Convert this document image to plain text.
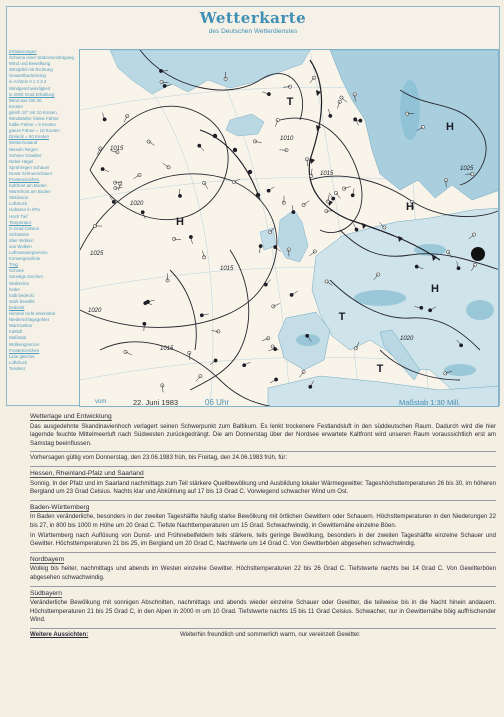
Wetterkarte
des Deutschen Wetterdienstes
Erläuterungen
Schema einer Stationseintragung
Wind und Bewölkung
Windpfeil mit Richtung
Gesamtbedeckung
in Achteln 0 1 2 3 4
Windgeschwindigkeit
in 2000 Grad Erhaltung
Wind aus Ost 20
Knoten
gleich 10° mit 10 Knoten
Windstärke: kleine Fahne
halbe Fahne = 5 Knoten
ganze Fahne = 10 Knoten
Dreieck = 50 Knoten
Wetterzustand
Nieseln Regen
Schnee Gewitter
Nebel Hagel
Sprühregen Schauer
Dunst Schneeschauer
Frontenzeichen
Kaltfront am Boden
Warmfront am Boden
Okklusion
Luftdruck
Isobaren in hPa
Hoch Tief
Temperatur
in Grad Celsius
Sichtweite
über Wolken
aus Wolken
Luftmassengrenzen
Konvergenzlinie
Trog
Schnee
Sonstige Zeichen
Wolkenlos
heiter
halb bedeckt
stark bewölkt
bedeckt
Himmel nicht erkennbar
Niederschlagsgebiet
Warmsektor
Kaltluft
Maßstab
Wolkengrenzen
Frontenzeichen
Linie gleicher
Luftdruck
Tendenz
H
H
T
H
T
T
H
1015
1020
1025
1015
1010
1020
1015
1025
1020
1015
vom	22. Juni 1983	06 Uhr	Maßstab 1:30 Mill.
Wetterlage und Entwicklung
Das ausgedehnte Skandinavienhoch verlagert seinen Schwerpunkt zum Baltikum. Es lenkt trockenere Festlandsluft in den süddeutschen Raum. Dadurch wird die hier lagernde feuchte Mittelmeerluft nach Südwesten zurückgedrängt. Die am Donnerstag über der Nordsee erwartete Kaltfront wird unseren Raum voraussichtlich erst am Samstag beeinflussen.
Vorhersagen gültig vom Donnerstag, den 23.06.1983 früh, bis Freitag, den 24.06.1983 früh, für:
Hessen, Rheinland-Pfalz und Saarland
Sonnig. In der Pfalz und im Saarland nachmittags zum Teil stärkere Quellbewölkung und Ausbildung lokaler Wärmegewitter. Tageshöchsttemperaturen 26 bis 30, im höheren Bergland um 23 Grad Celsius. Nachts klar und Abkühlung auf 17 bis 13 Grad C. Vorwiegend schwacher Wind um Ost.
Baden-Württemberg
In Baden veränderliche, besonders in der zweiten Tageshälfte häufig starke Bewölkung mit örtlichen Gewittern oder Schauern. Höchsttemperaturen in den Niederungen 22 bis 27, in 800 bis 1000 m Höhe um 20 Grad C. Tiefste Nachttemperaturen um 15 Grad. Schwachwindig, in Gewitternähe einzelne Böen.
In Württemberg nach Auflösung von Dunst- und Frühnebelfeldern teils stärkere, teils geringe Bewölkung, besonders in der zweiten Tageshälfte einzelne Schauer und Gewitter. Höchsttemperaturen 21 bis 25, im Bergland um 20 Grad C, Nachtwerte um 14 Grad C. Von Gewitterböen abgesehen schwachwindig.
Nordbayern
Wolkig bis heiter, nachmittags und abends im Westen einzelne Gewitter. Höchsttemperaturen 22 bis 26 Grad C. Tiefstwerte nachts bei 14 Grad C. Von Gewitterböen abgesehen schwachwindig.
Südbayern
Veränderliche Bewölkung mit sonnigen Abschnitten, nachmittags und abends wieder einzelne Schauer oder Gewitter, die teilweise bis in die Nacht hinein andauern. Höchsttemperaturen 21 bis 25 Grad C, in den Alpen in 2000 m um 10 Grad. Tiefstwerte nachts 15 bis 11 Grad Celsius. Schwacher, nur in Gewitternähe böig auffrischender Wind.
Weitere Aussichten:	Weiterhin freundlich und sommerlich warm, nur vereinzelt Gewitter.
